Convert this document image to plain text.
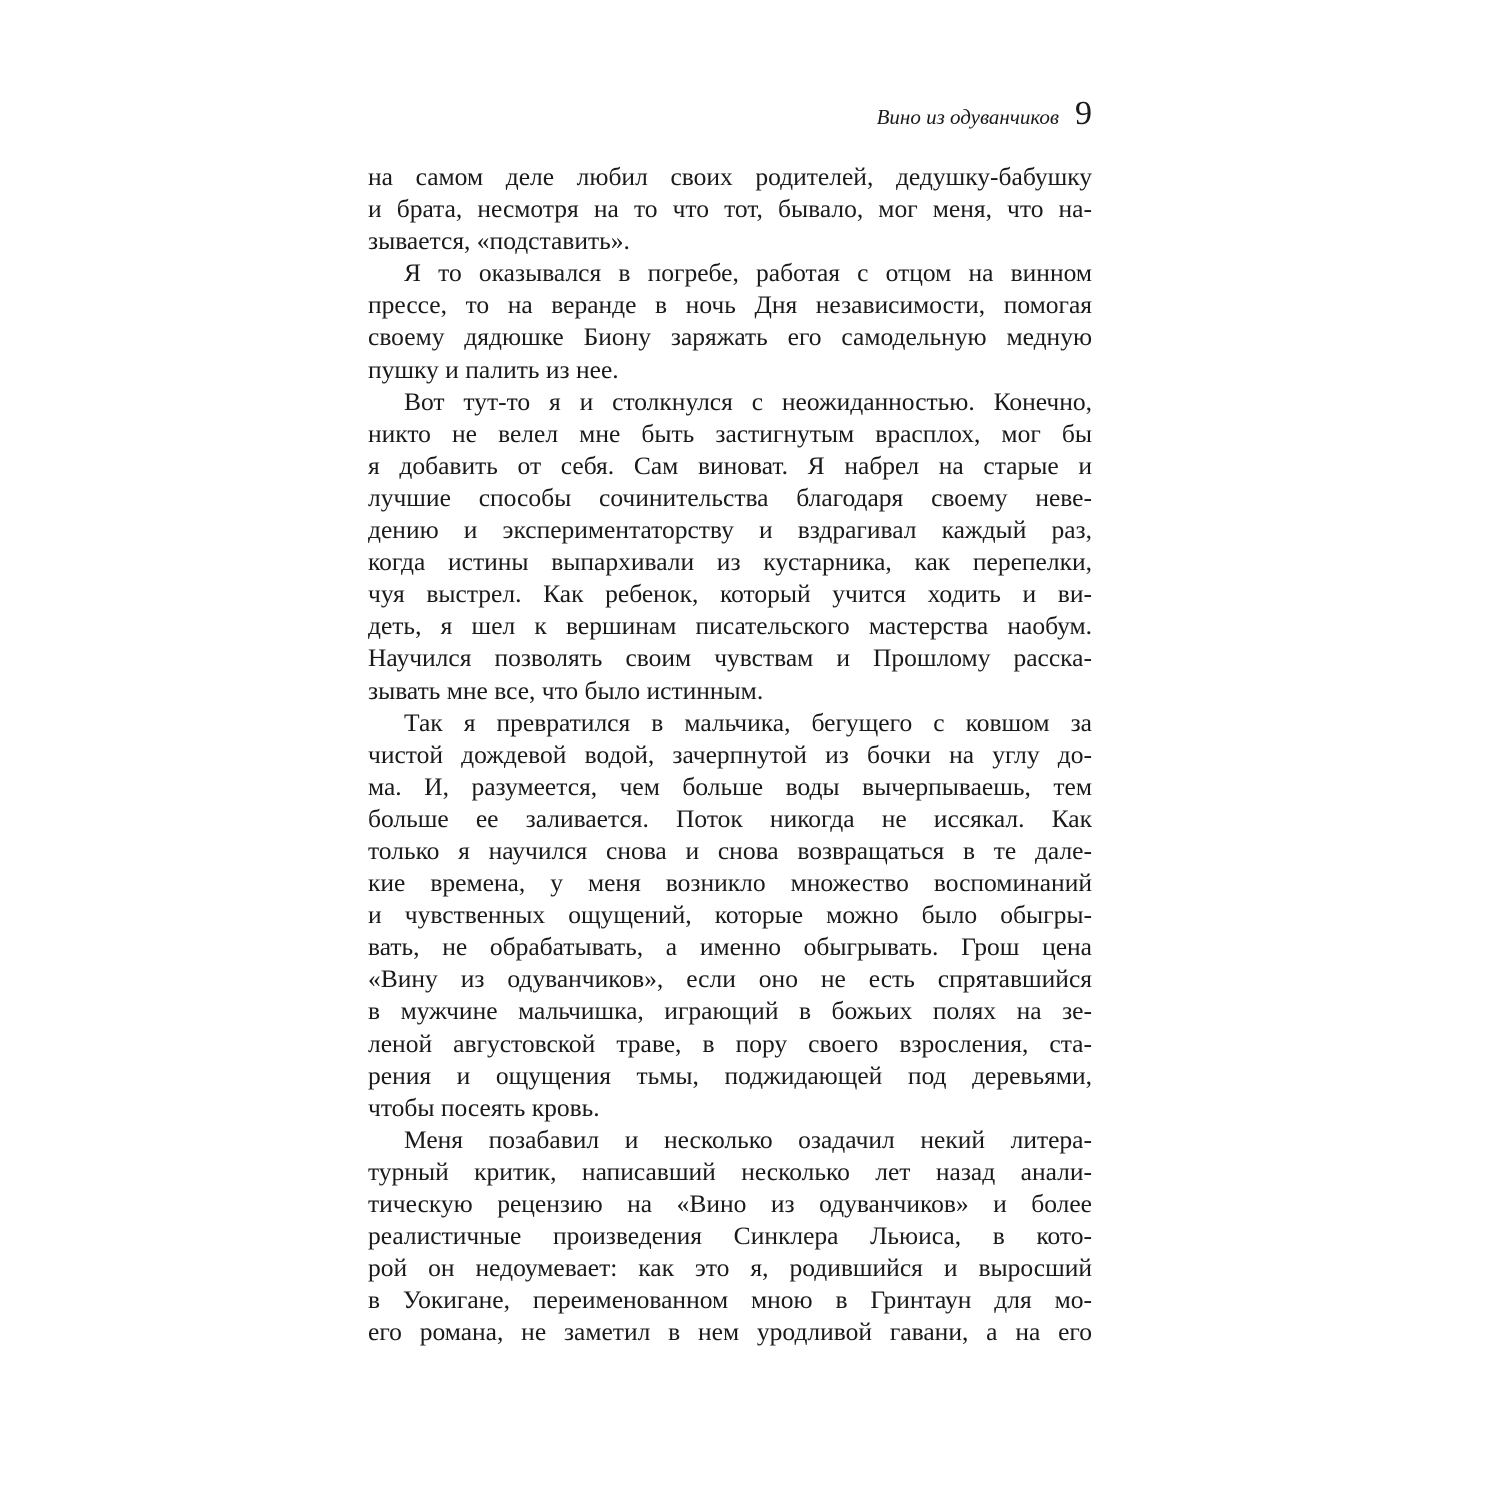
Вино из одуванчиков 9
на самом деле любил своих родителей, дедушку-бабушку
и брата, несмотря на то что тот, бывало, мог меня, что на-
зывается, «подставить».
Я то оказывался в погребе, работая с отцом на винном
прессе, то на веранде в ночь Дня независимости, помогая
своему дядюшке Биону заряжать его самодельную медную
пушку и палить из нее.
Вот тут-то я и столкнулся с неожиданностью. Конечно,
никто не велел мне быть застигнутым врасплох, мог бы
я добавить от себя. Сам виноват. Я набрел на старые и
лучшие способы сочинительства благодаря своему неве-
дению и экспериментаторству и вздрагивал каждый раз,
когда истины выпархивали из кустарника, как перепелки,
чуя выстрел. Как ребенок, который учится ходить и ви-
деть, я шел к вершинам писательского мастерства наобум.
Научился позволять своим чувствам и Прошлому расска-
зывать мне все, что было истинным.
Так я превратился в мальчика, бегущего с ковшом за
чистой дождевой водой, зачерпнутой из бочки на углу до-
ма. И, разумеется, чем больше воды вычерпываешь, тем
больше ее заливается. Поток никогда не иссякал. Как
только я научился снова и снова возвращаться в те дале-
кие времена, у меня возникло множество воспоминаний
и чувственных ощущений, которые можно было обыгры-
вать, не обрабатывать, а именно обыгрывать. Грош цена
«Вину из одуванчиков», если оно не есть спрятавшийся
в мужчине мальчишка, играющий в божьих полях на зе-
леной августовской траве, в пору своего взросления, ста-
рения и ощущения тьмы, поджидающей под деревьями,
чтобы посеять кровь.
Меня позабавил и несколько озадачил некий литера-
турный критик, написавший несколько лет назад анали-
тическую рецензию на «Вино из одуванчиков» и более
реалистичные произведения Синклера Льюиса, в кото-
рой он недоумевает: как это я, родившийся и выросший
в Уокигане, переименованном мною в Гринтаун для мо-
его романа, не заметил в нем уродливой гавани, а на его
